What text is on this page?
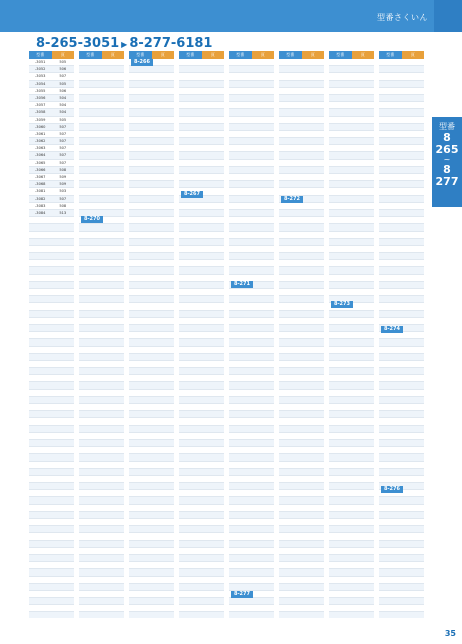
型番さくいん
8-265-3051 ▶ 8-277-6181
型番
8
265
~
8
277
型番	頁
-3051	505
-3052	506
-3053	507
-3054	505
-3055	506
-3056	504
-3057	504
-3058	504
-3059	505
-3060	507
-3061	507
-3062	507
-3063	507
-3064	507
-3065	507
-3066	508
-3067	509
-3068	509
-3081	503
-3082	507
-3083	508
-3084	513
型番	頁	型番	頁	型番	頁	型番	頁	型番	頁	型番	頁	型番	頁
8-266
8-267
8-270
8-271
8-272
8-273
8-274
8-276
8-277
35
